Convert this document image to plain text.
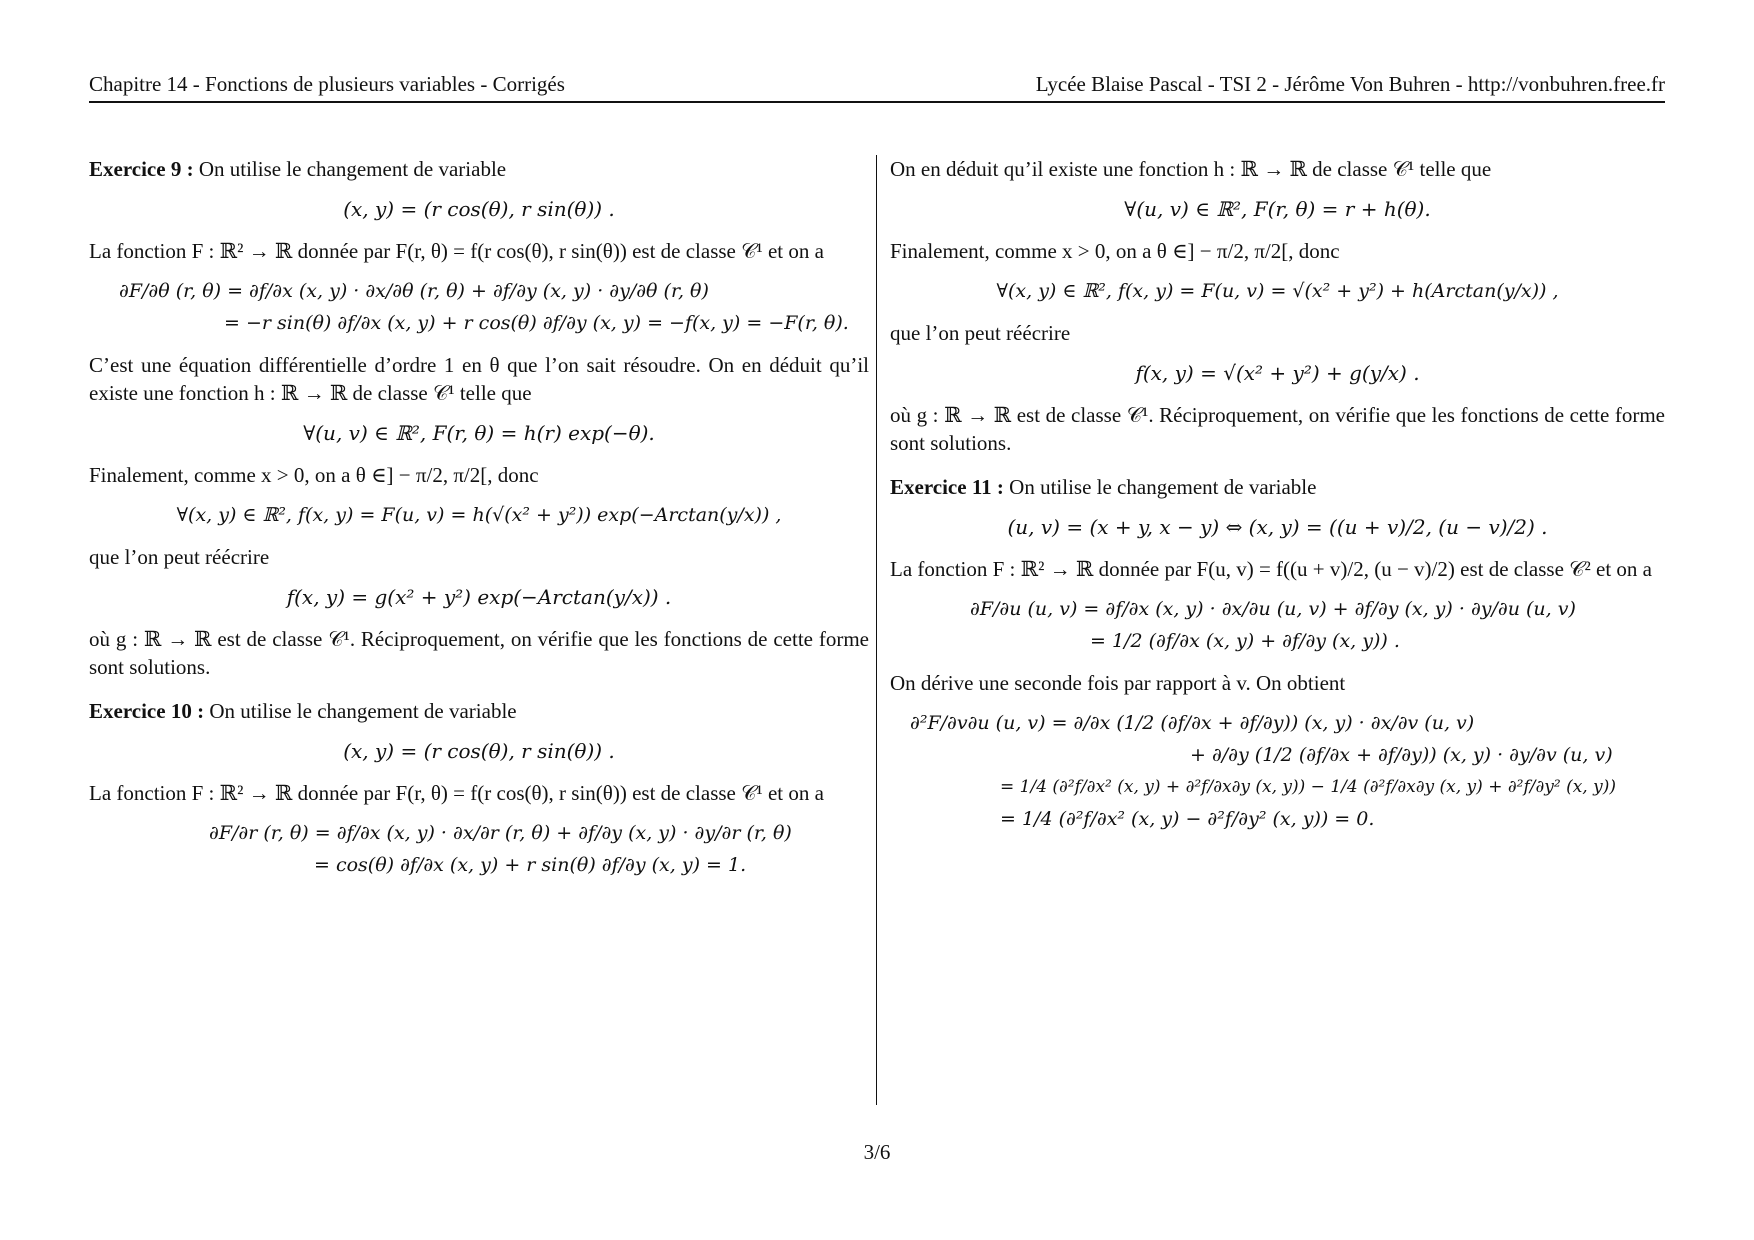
Chapitre 14 - Fonctions de plusieurs variables - Corrigés	Lycée Blaise Pascal - TSI 2 - Jérôme Von Buhren - http://vonbuhren.free.fr

Exercice 9 : On utilise le changement de variable

(x, y) = (r cos(θ), r sin(θ)) .

La fonction F : ℝ² → ℝ donnée par F(r, θ) = f(r cos(θ), r sin(θ)) est de classe 𝒞¹ et on a

∂F/∂θ (r, θ) = ∂f/∂x (x, y) · ∂x/∂θ (r, θ) + ∂f/∂y (x, y) · ∂y/∂θ (r, θ)
= −r sin(θ) ∂f/∂x (x, y) + r cos(θ) ∂f/∂y (x, y) = −f(x, y) = −F(r, θ).

C’est une équation différentielle d’ordre 1 en θ que l’on sait résoudre. On en déduit qu’il existe une fonction h : ℝ → ℝ de classe 𝒞¹ telle que

∀(u, v) ∈ ℝ², F(r, θ) = h(r) exp(−θ).

Finalement, comme x > 0, on a θ ∈] − π/2, π/2[, donc

∀(x, y) ∈ ℝ², f(x, y) = F(u, v) = h(√(x² + y²)) exp(−Arctan(y/x)) ,

que l’on peut réécrire

f(x, y) = g(x² + y²) exp(−Arctan(y/x)) .

où g : ℝ → ℝ est de classe 𝒞¹. Réciproquement, on vérifie que les fonctions de cette forme sont solutions.

Exercice 10 : On utilise le changement de variable

(x, y) = (r cos(θ), r sin(θ)) .

La fonction F : ℝ² → ℝ donnée par F(r, θ) = f(r cos(θ), r sin(θ)) est de classe 𝒞¹ et on a

∂F/∂r (r, θ) = ∂f/∂x (x, y) · ∂x/∂r (r, θ) + ∂f/∂y (x, y) · ∂y/∂r (r, θ)
= cos(θ) ∂f/∂x (x, y) + r sin(θ) ∂f/∂y (x, y) = 1.

On en déduit qu’il existe une fonction h : ℝ → ℝ de classe 𝒞¹ telle que

∀(u, v) ∈ ℝ², F(r, θ) = r + h(θ).

Finalement, comme x > 0, on a θ ∈] − π/2, π/2[, donc

∀(x, y) ∈ ℝ², f(x, y) = F(u, v) = √(x² + y²) + h(Arctan(y/x)) ,

que l’on peut réécrire

f(x, y) = √(x² + y²) + g(y/x) .

où g : ℝ → ℝ est de classe 𝒞¹. Réciproquement, on vérifie que les fonctions de cette forme sont solutions.

Exercice 11 : On utilise le changement de variable

(u, v) = (x + y, x − y) ⇔ (x, y) = ((u + v)/2, (u − v)/2) .

La fonction F : ℝ² → ℝ donnée par F(u, v) = f((u + v)/2, (u − v)/2) est de classe 𝒞² et on a

∂F/∂u (u, v) = ∂f/∂x (x, y) · ∂x/∂u (u, v) + ∂f/∂y (x, y) · ∂y/∂u (u, v)
= 1/2 (∂f/∂x (x, y) + ∂f/∂y (x, y)) .

On dérive une seconde fois par rapport à v. On obtient

∂²F/∂v∂u (u, v) = ∂/∂x (1/2 (∂f/∂x + ∂f/∂y)) (x, y) · ∂x/∂v (u, v)
+ ∂/∂y (1/2 (∂f/∂x + ∂f/∂y)) (x, y) · ∂y/∂v (u, v)
= 1/4 (∂²f/∂x² (x, y) + ∂²f/∂x∂y (x, y)) − 1/4 (∂²f/∂x∂y (x, y) + ∂²f/∂y² (x, y))
= 1/4 (∂²f/∂x² (x, y) − ∂²f/∂y² (x, y)) = 0.
3/6
